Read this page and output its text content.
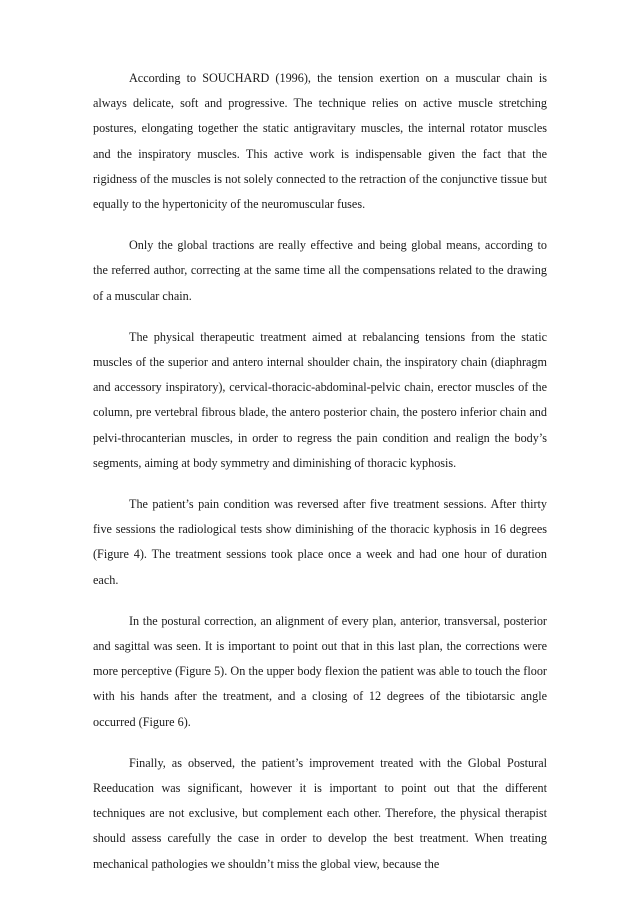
According to SOUCHARD (1996), the tension exertion on a muscular chain is always delicate, soft and progressive. The technique relies on active muscle stretching postures, elongating together the static antigravitary muscles, the internal rotator muscles and the inspiratory muscles. This active work is indispensable given the fact that the rigidness of the muscles is not solely connected to the retraction of the conjunctive tissue but equally to the hypertonicity of the neuromuscular fuses.

Only the global tractions are really effective and being global means, according to the referred author, correcting at the same time all the compensations related to the drawing of a muscular chain.

The physical therapeutic treatment aimed at rebalancing tensions from the static muscles of the superior and antero internal shoulder chain, the inspiratory chain (diaphragm and accessory inspiratory), cervical-thoracic-abdominal-pelvic chain, erector muscles of the column, pre vertebral fibrous blade, the antero posterior chain, the postero inferior chain and pelvi-throcanterian muscles, in order to regress the pain condition and realign the body’s segments, aiming at body symmetry and diminishing of thoracic kyphosis.

The patient’s pain condition was reversed after five treatment sessions. After thirty five sessions the radiological tests show diminishing of the thoracic kyphosis in 16 degrees (Figure 4). The treatment sessions took place once a week and had one hour of duration each.

In the postural correction, an alignment of every plan, anterior, transversal, posterior and sagittal was seen. It is important to point out that in this last plan, the corrections were more perceptive (Figure 5). On the upper body flexion the patient was able to touch the floor with his hands after the treatment, and a closing of 12 degrees of the tibiotarsic angle occurred (Figure 6).

Finally, as observed, the patient’s improvement treated with the Global Postural Reeducation was significant, however it is important to point out that the different techniques are not exclusive, but complement each other. Therefore, the physical therapist should assess carefully the case in order to develop the best treatment. When treating mechanical pathologies we shouldn’t miss the global view, because the
